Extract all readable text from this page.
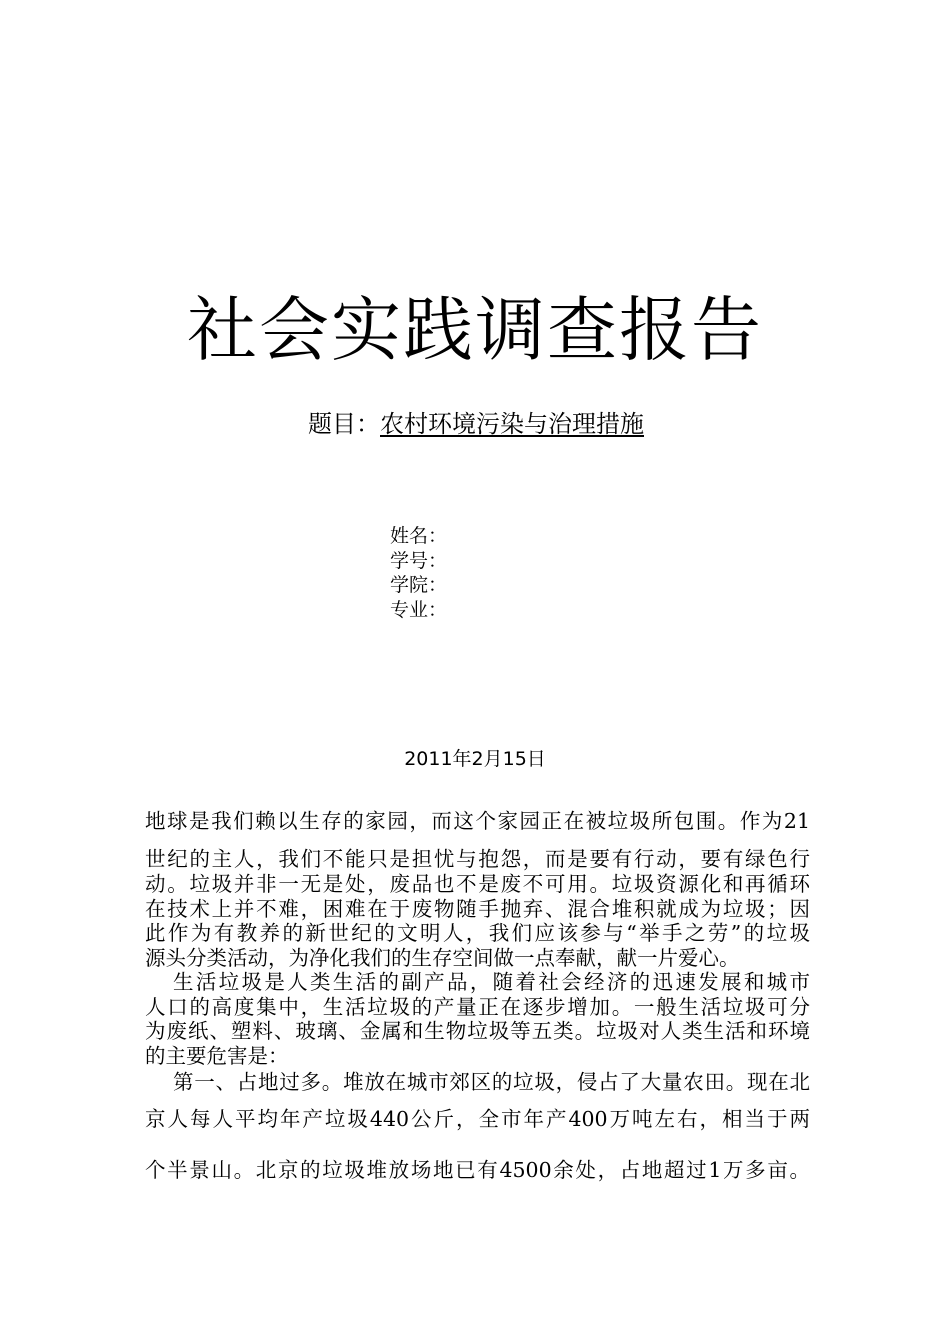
社会实践调查报告
题目：农村环境污染与治理措施
姓名：
学号：
学院：
专业：
2011年2月15日
地球是我们赖以生存的家园，而这个家园正在被垃圾所包围。作为21
世纪的主人，我们不能只是担忧与抱怨，而是要有行动，要有绿色行
动。垃圾并非一无是处，废品也不是废不可用。垃圾资源化和再循环
在技术上并不难，困难在于废物随手抛弃、混合堆积就成为垃圾；因
此作为有教养的新世纪的文明人，我们应该参与“举手之劳”的垃圾
源头分类活动，为净化我们的生存空间做一点奉献，献一片爱心。
生活垃圾是人类生活的副产品，随着社会经济的迅速发展和城市
人口的高度集中，生活垃圾的产量正在逐步增加。一般生活垃圾可分
为废纸、塑料、玻璃、金属和生物垃圾等五类。垃圾对人类生活和环境
的主要危害是：
第一、占地过多。堆放在城市郊区的垃圾，侵占了大量农田。现在北
京人每人平均年产垃圾440公斤，全市年产400万吨左右，相当于两
个半景山。北京的垃圾堆放场地已有4500余处，占地超过1万多亩。
